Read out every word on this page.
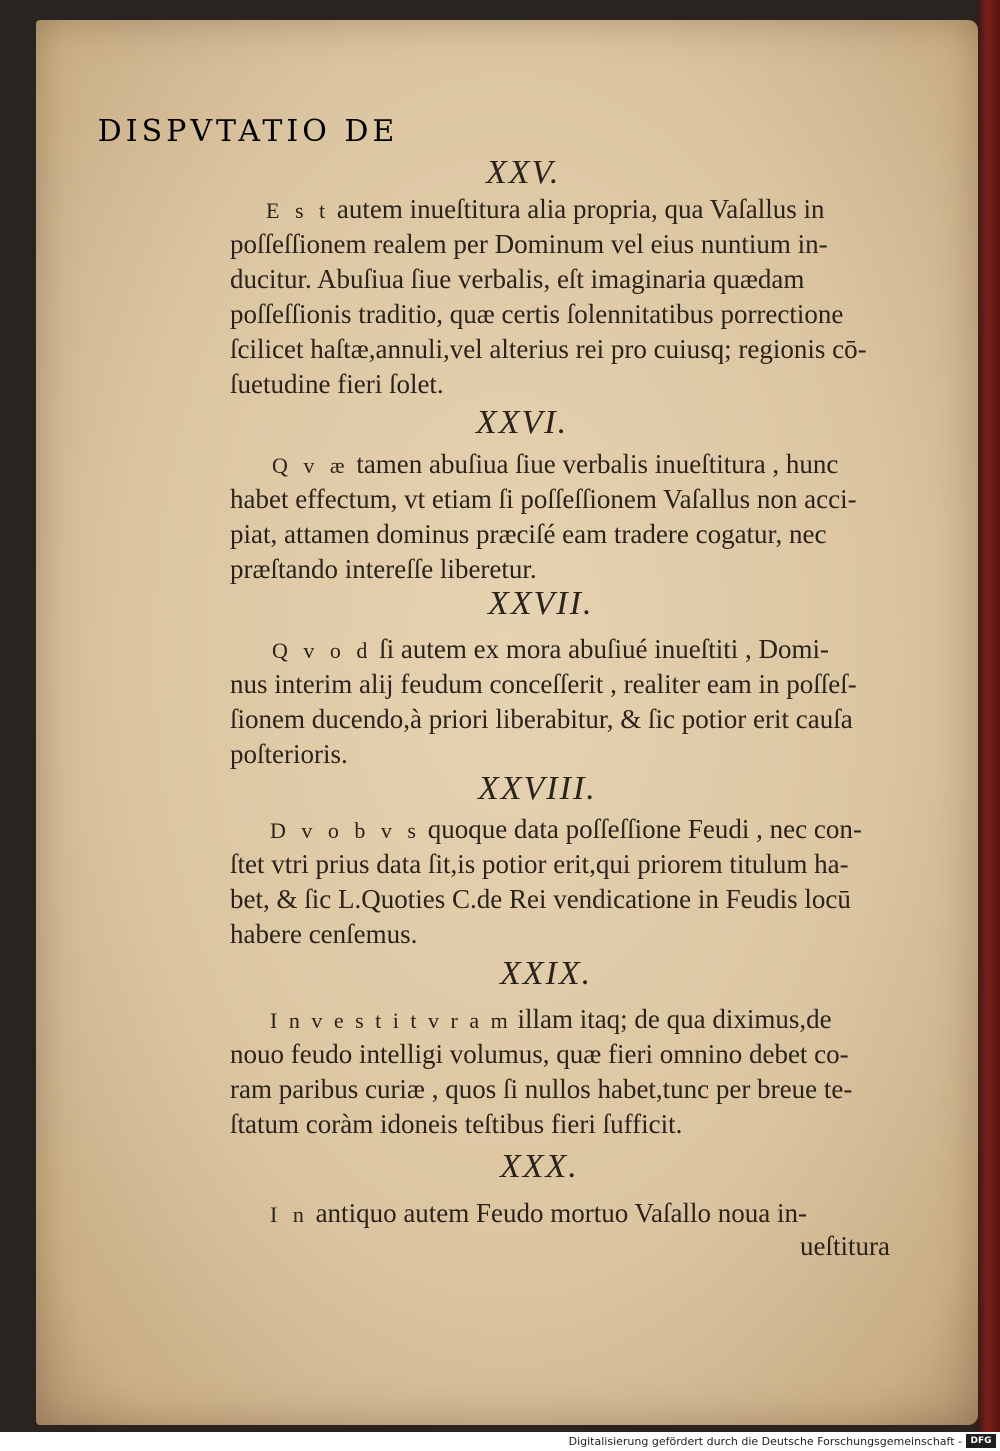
DISPVTATIO DE
XXV.
E s t autem inueſtitura alia propria, qua Vaſallus in
poſſeſſionem realem per Dominum vel eius nuntium in-
ducitur. Abuſiua ſiue verbalis, eſt imaginaria quædam
poſſeſſionis traditio, quæ certis ſolennitatibus porrectione
ſcilicet haſtæ,annuli,vel alterius rei pro cuiusq; regionis cō-
ſuetudine fieri ſolet.
XXVI.
Q v æ tamen abuſiua ſiue verbalis inueſtitura , hunc
habet effectum, vt etiam ſi poſſeſſionem Vaſallus non acci-
piat, attamen dominus præciſé eam tradere cogatur, nec
præſtando intereſſe liberetur.
XXVII.
Q v o d ſi autem ex mora abuſiué inueſtiti , Domi-
nus interim alij feudum conceſſerit , realiter eam in poſſeſ-
ſionem ducendo,à priori liberabitur, & ſic potior erit cauſa
poſterioris.
XXVIII.
D v o b v s quoque data poſſeſſione Feudi , nec con-
ſtet vtri prius data ſit,is potior erit,qui priorem titulum ha-
bet, & ſic L.Quoties C.de Rei vendicatione in Feudis locū
habere cenſemus.
XXIX.
I n v e s t i t v r a m illam itaq; de qua diximus,de
nouo feudo intelligi volumus, quæ fieri omnino debet co-
ram paribus curiæ , quos ſi nullos habet,tunc per breue te-
ſtatum coràm idoneis teſtibus fieri ſufficit.
XXX.
I n antiquo autem Feudo mortuo Vaſallo noua in-
ueſtitura
Digitalisierung gefördert durch die Deutsche Forschungsgemeinschaft - DFG
